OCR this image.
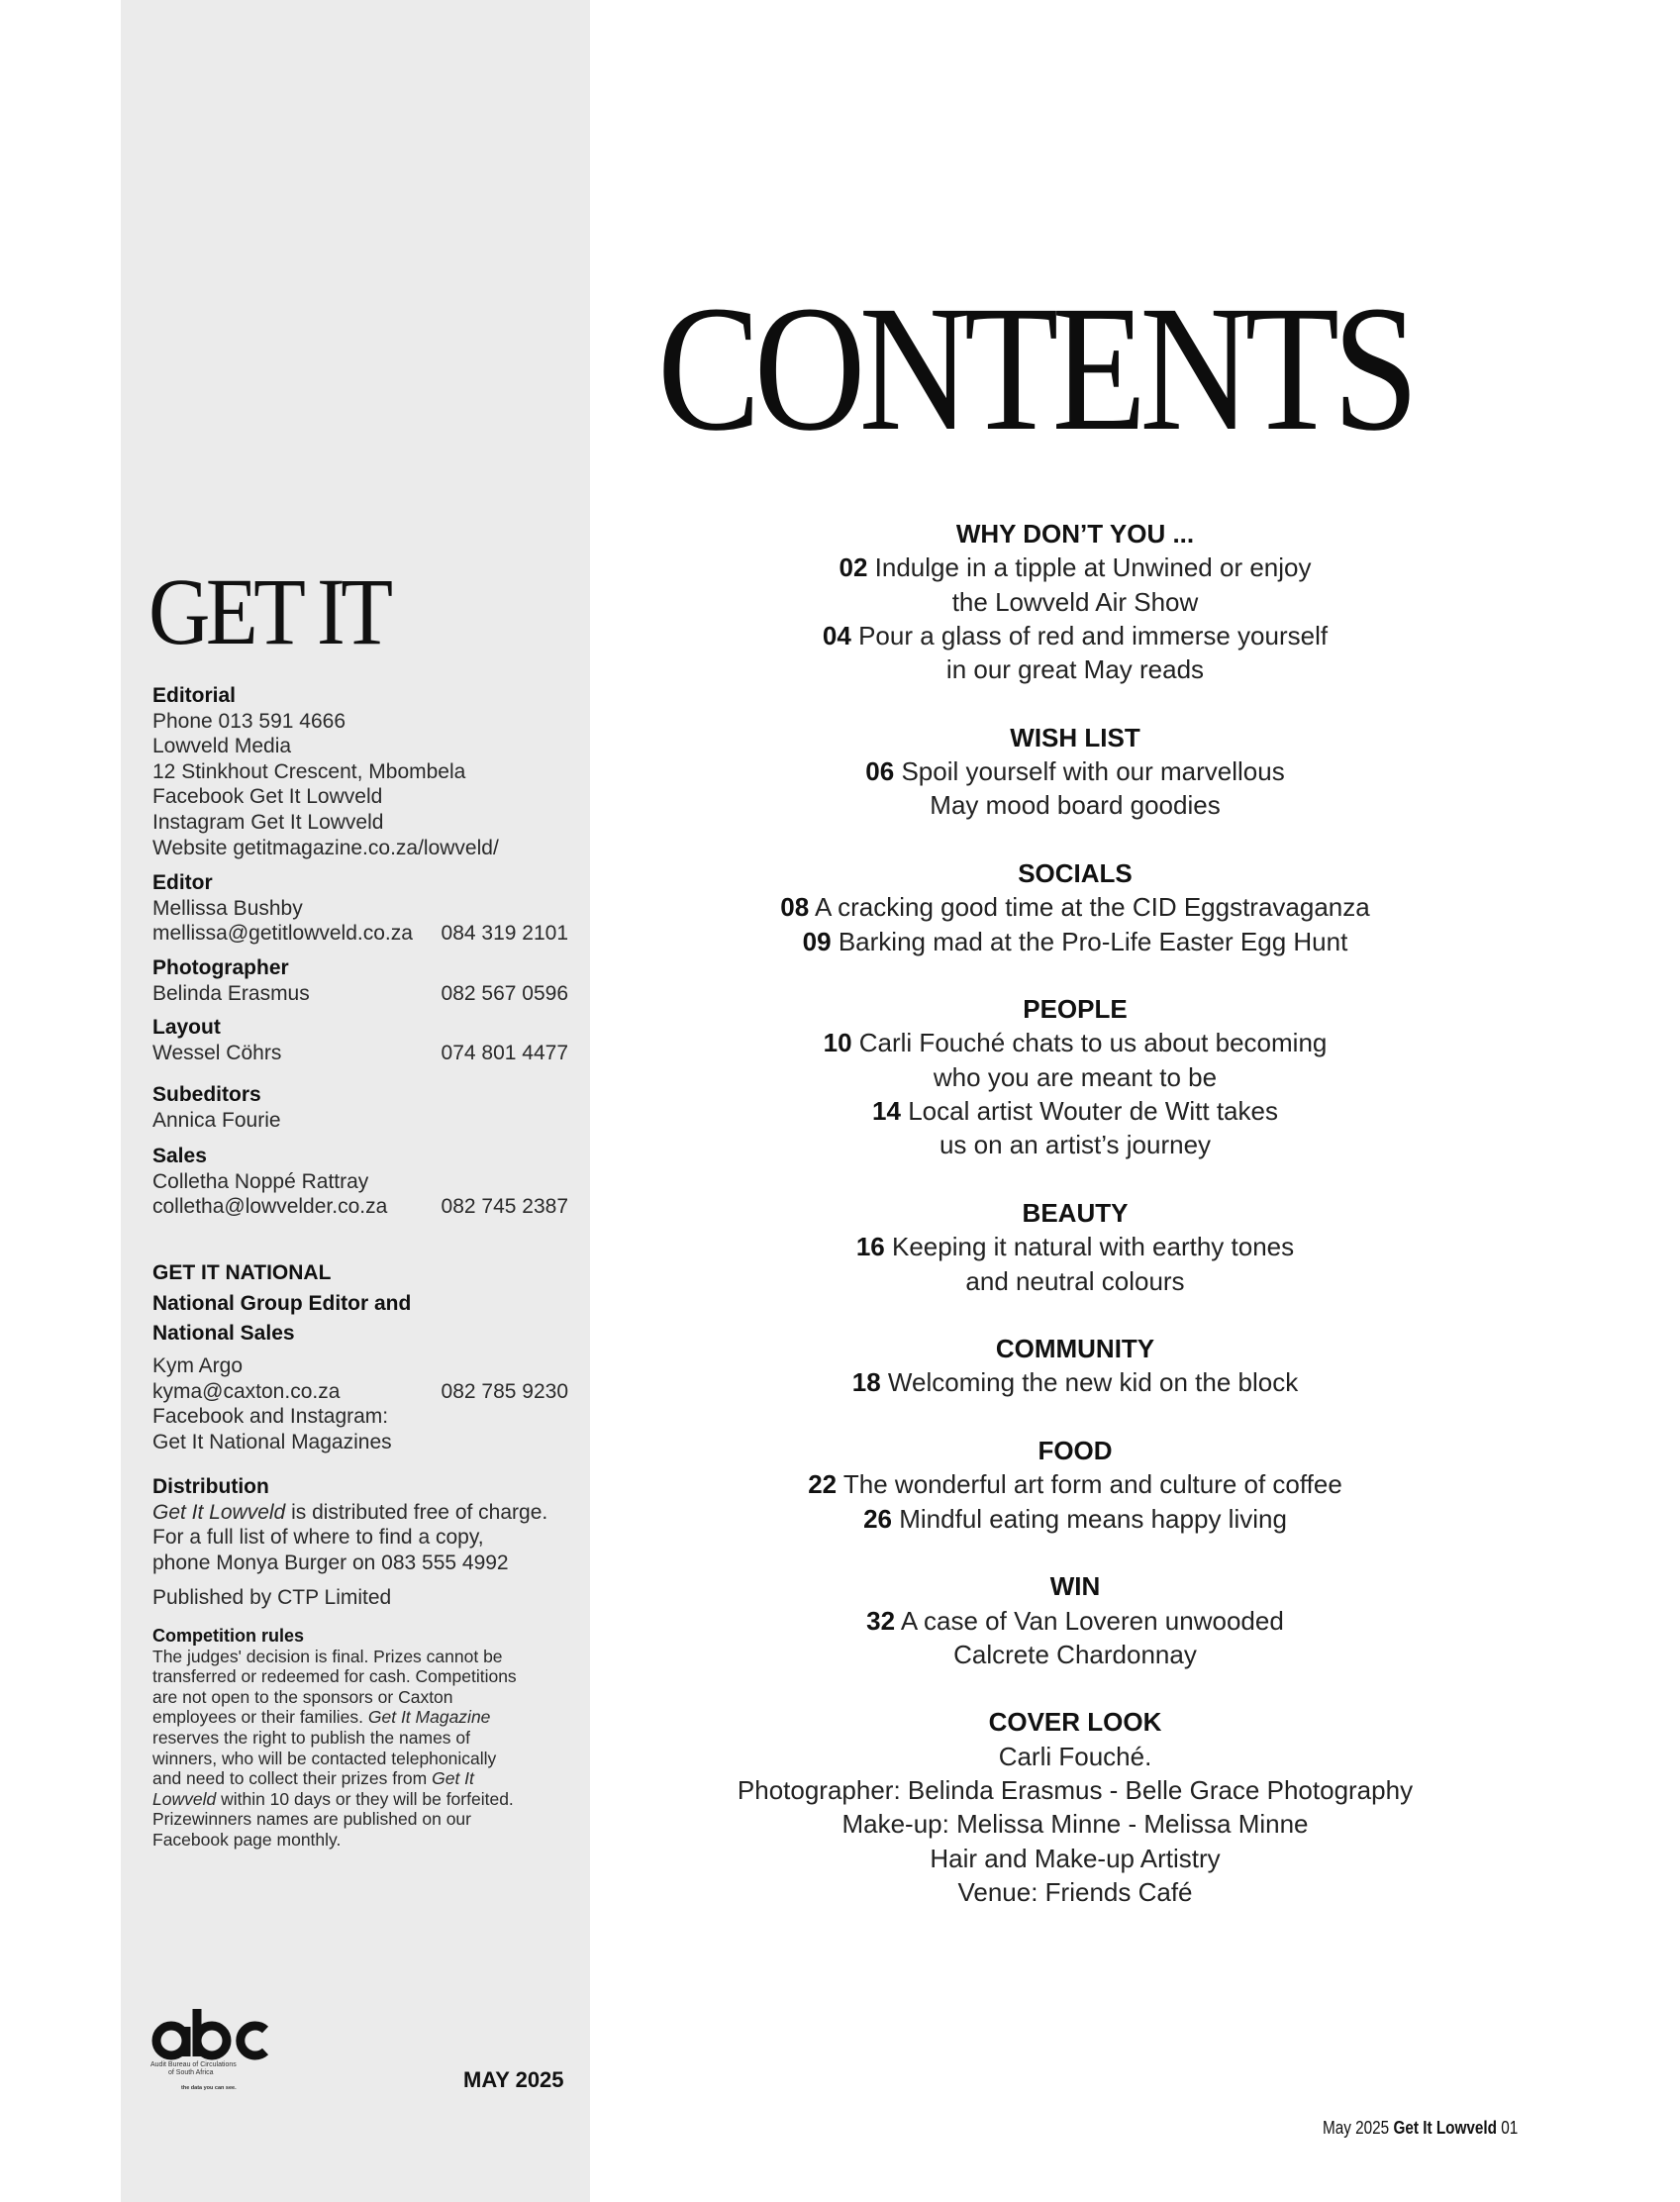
GET IT
Editorial
Phone 013 591 4666
Lowveld Media
12 Stinkhout Crescent, Mbombela
Facebook Get It Lowveld
Instagram Get It Lowveld
Website getitmagazine.co.za/lowveld/
Editor
Mellissa Bushby
mellissa@getitlowveld.co.za 084 319 2101
Photographer
Belinda Erasmus	082 567 0596
Layout
Wessel Cöhrs	074 801 4477
Subeditors
Annica Fourie
Sales
Colletha Noppé Rattray
colletha@lowvelder.co.za	082 745 2387
GET IT NATIONAL
National Group Editor and
National Sales
Kym Argo
kyma@caxton.co.za	082 785 9230
Facebook and Instagram:
Get It National Magazines
Distribution
Get It Lowveld is distributed free of charge.
For a full list of where to find a copy,
phone Monya Burger on 083 555 4992
Published by CTP Limited
Competition rules
The judges' decision is final. Prizes cannot be
transferred or redeemed for cash. Competitions
are not open to the sponsors or Caxton
employees or their families. Get It Magazine
reserves the right to publish the names of
winners, who will be contacted telephonically
and need to collect their prizes from Get It
Lowveld within 10 days or they will be forfeited.
Prizewinners names are published on our
Facebook page monthly.
Audit Bureau of Circulations
of South Africa
the data you can see.	MAY 2025
CONTENTS
WHY DON’T YOU ...
02 Indulge in a tipple at Unwined or enjoy
the Lowveld Air Show
04 Pour a glass of red and immerse yourself
in our great May reads
WISH LIST
06 Spoil yourself with our marvellous
May mood board goodies
SOCIALS
08 A cracking good time at the CID Eggstravaganza
09 Barking mad at the Pro-Life Easter Egg Hunt
PEOPLE
10 Carli Fouché chats to us about becoming
who you are meant to be
14 Local artist Wouter de Witt takes
us on an artist’s journey
BEAUTY
16 Keeping it natural with earthy tones
and neutral colours
COMMUNITY
18 Welcoming the new kid on the block
FOOD
22 The wonderful art form and culture of coffee
26 Mindful eating means happy living
WIN
32 A case of Van Loveren unwooded
Calcrete Chardonnay
COVER LOOK
Carli Fouché.
Photographer: Belinda Erasmus - Belle Grace Photography
Make-up: Melissa Minne - Melissa Minne
Hair and Make-up Artistry
Venue: Friends Café
May 2025 Get It Lowveld 01
